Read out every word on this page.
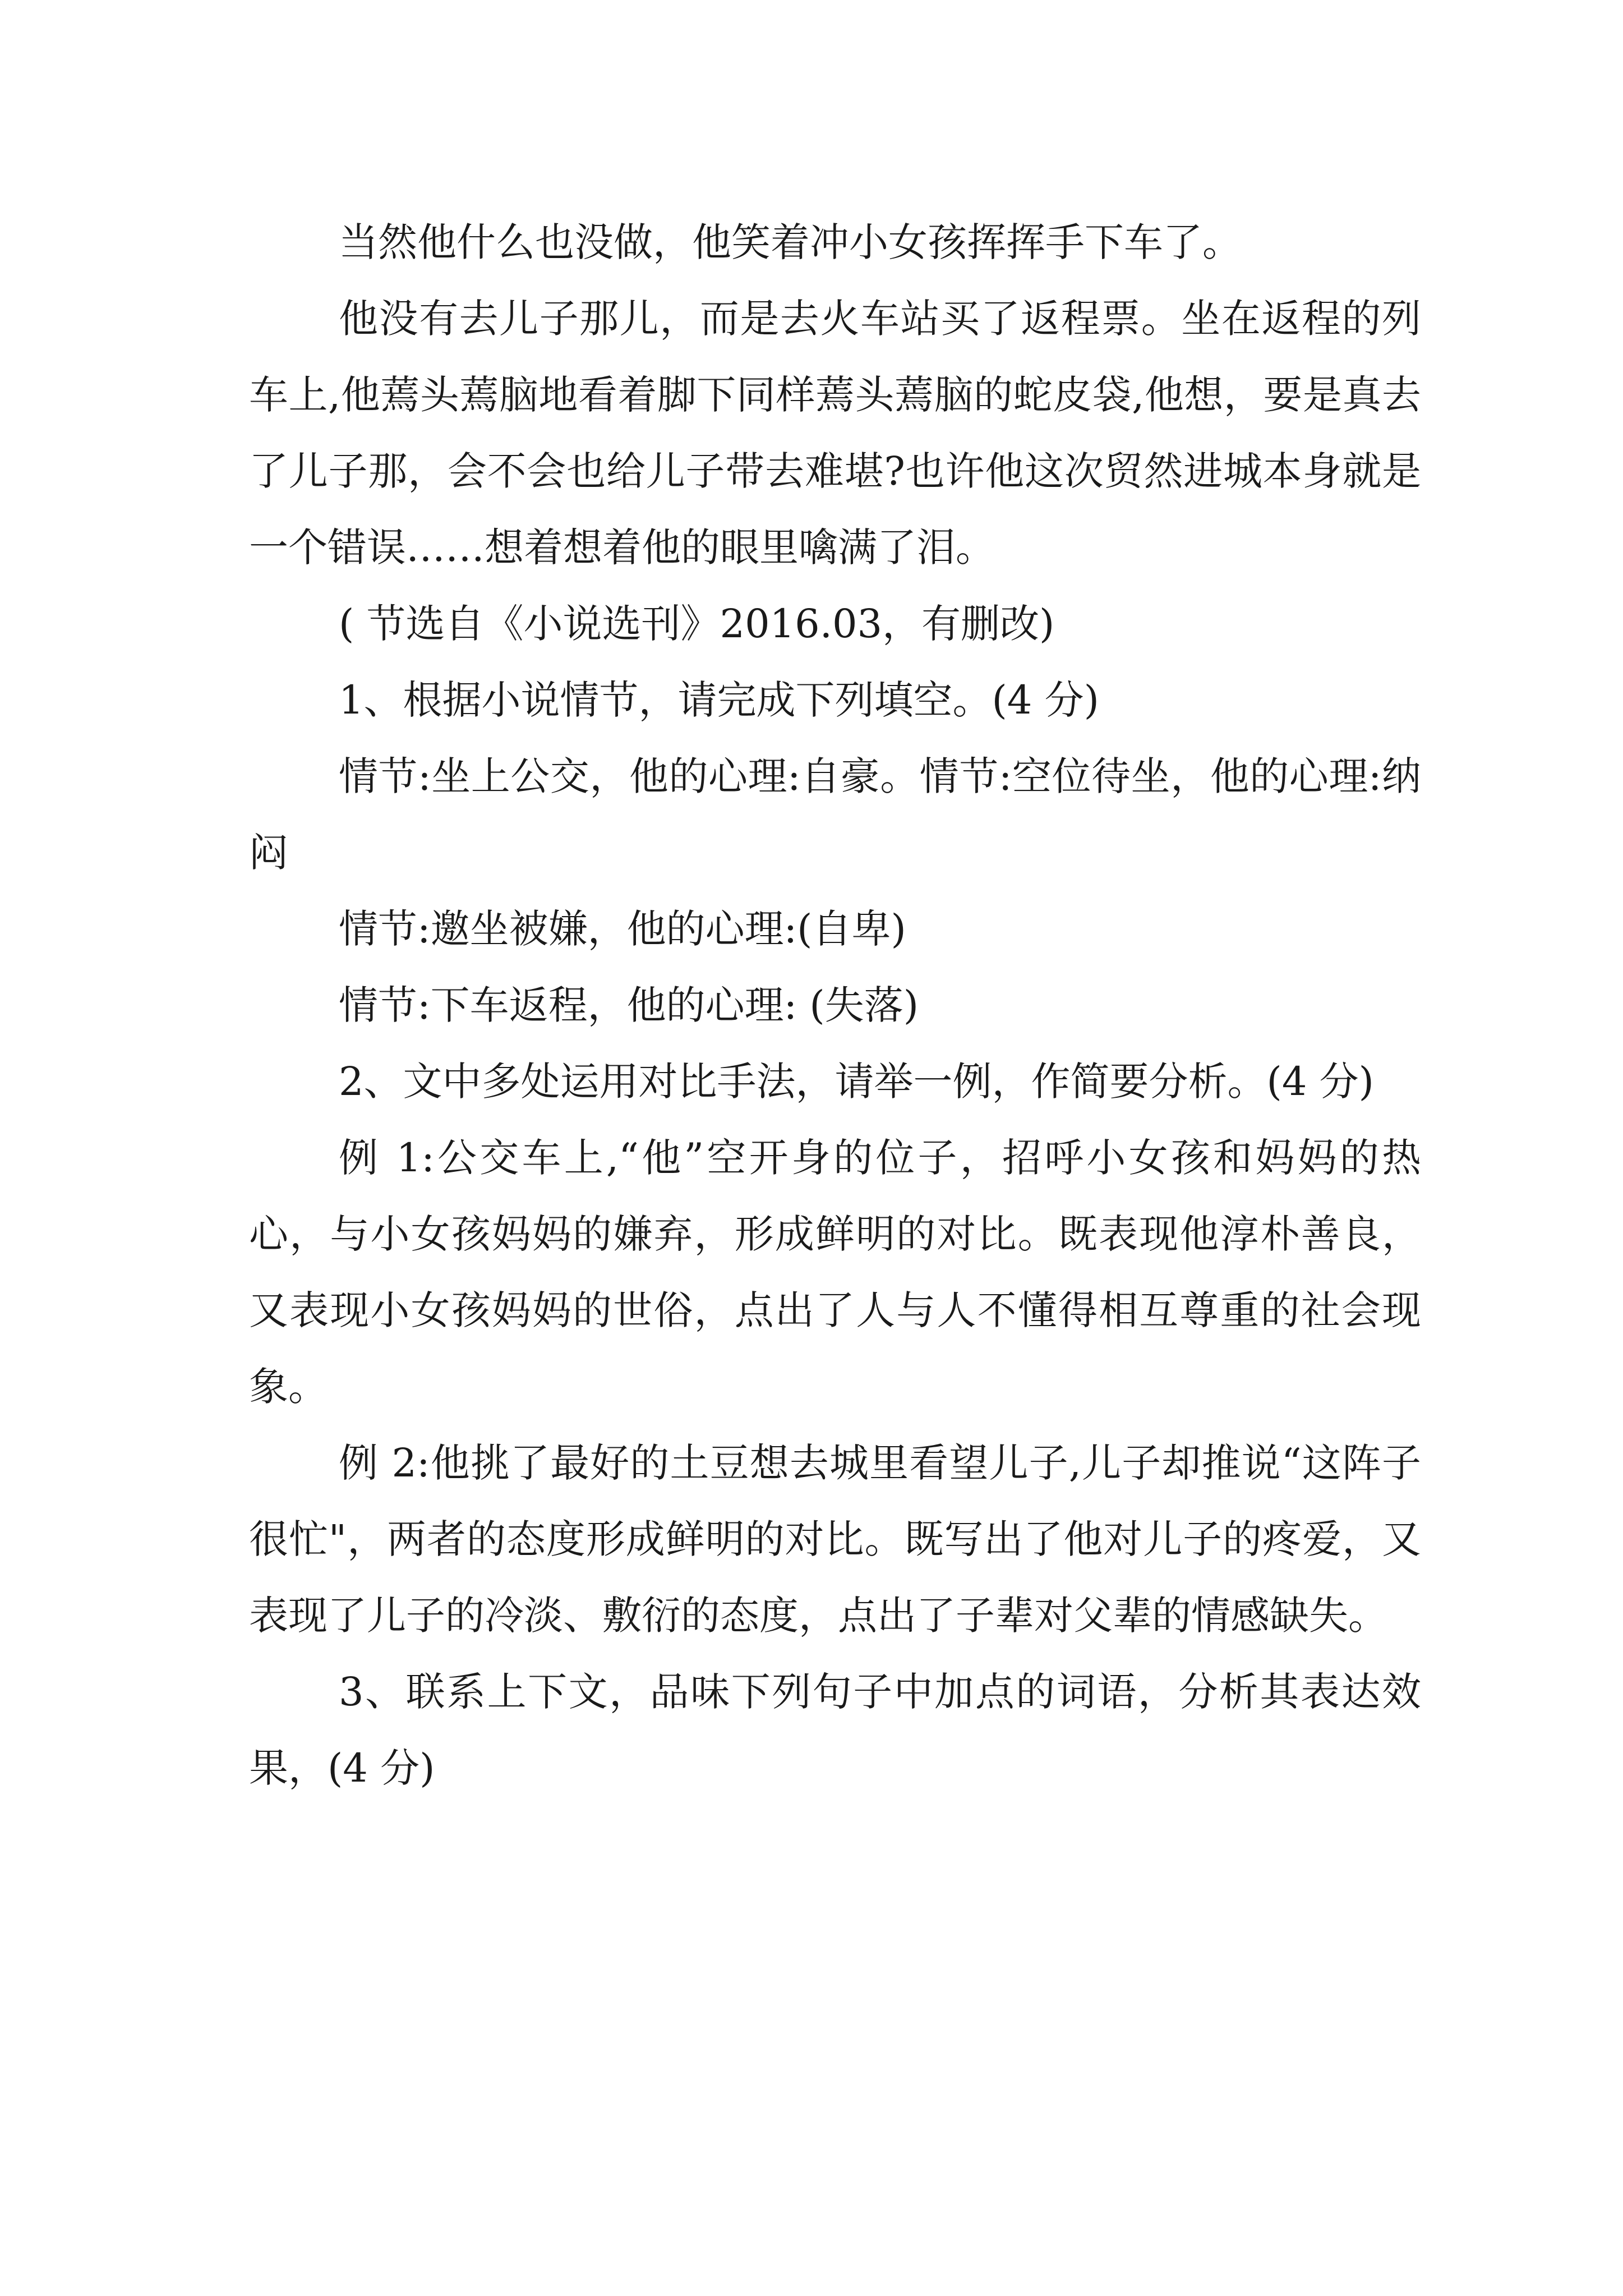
当然他什么也没做，他笑着冲小女孩挥挥手下车了。

他没有去儿子那儿，而是去火车站买了返程票。坐在返程的列车上,他蔫头蔫脑地看着脚下同样蔫头蔫脑的蛇皮袋,他想，要是真去了儿子那，会不会也给儿子带去难堪?也许他这次贸然进城本身就是一个错误……想着想着他的眼里噙满了泪。

( 节选自《小说选刊》2016.03，有删改)

1、根据小说情节，请完成下列填空。(4 分)

情节:坐上公交，他的心理:自豪。情节:空位待坐，他的心理:纳闷

情节:邀坐被嫌，他的心理:(自卑)

情节:下车返程，他的心理: (失落)

2、文中多处运用对比手法，请举一例，作简要分析。(4 分)

例 1:公交车上,“他”空开身的位子，招呼小女孩和妈妈的热心，与小女孩妈妈的嫌弃，形成鲜明的对比。既表现他淳朴善良，又表现小女孩妈妈的世俗，点出了人与人不懂得相互尊重的社会现象。

例 2:他挑了最好的土豆想去城里看望儿子,儿子却推说“这阵子很忙"，两者的态度形成鲜明的对比。既写出了他对儿子的疼爱，又表现了儿子的冷淡、敷衍的态度，点出了子辈对父辈的情感缺失。

3、联系上下文，品味下列句子中加点的词语，分析其表达效果，(4 分)
